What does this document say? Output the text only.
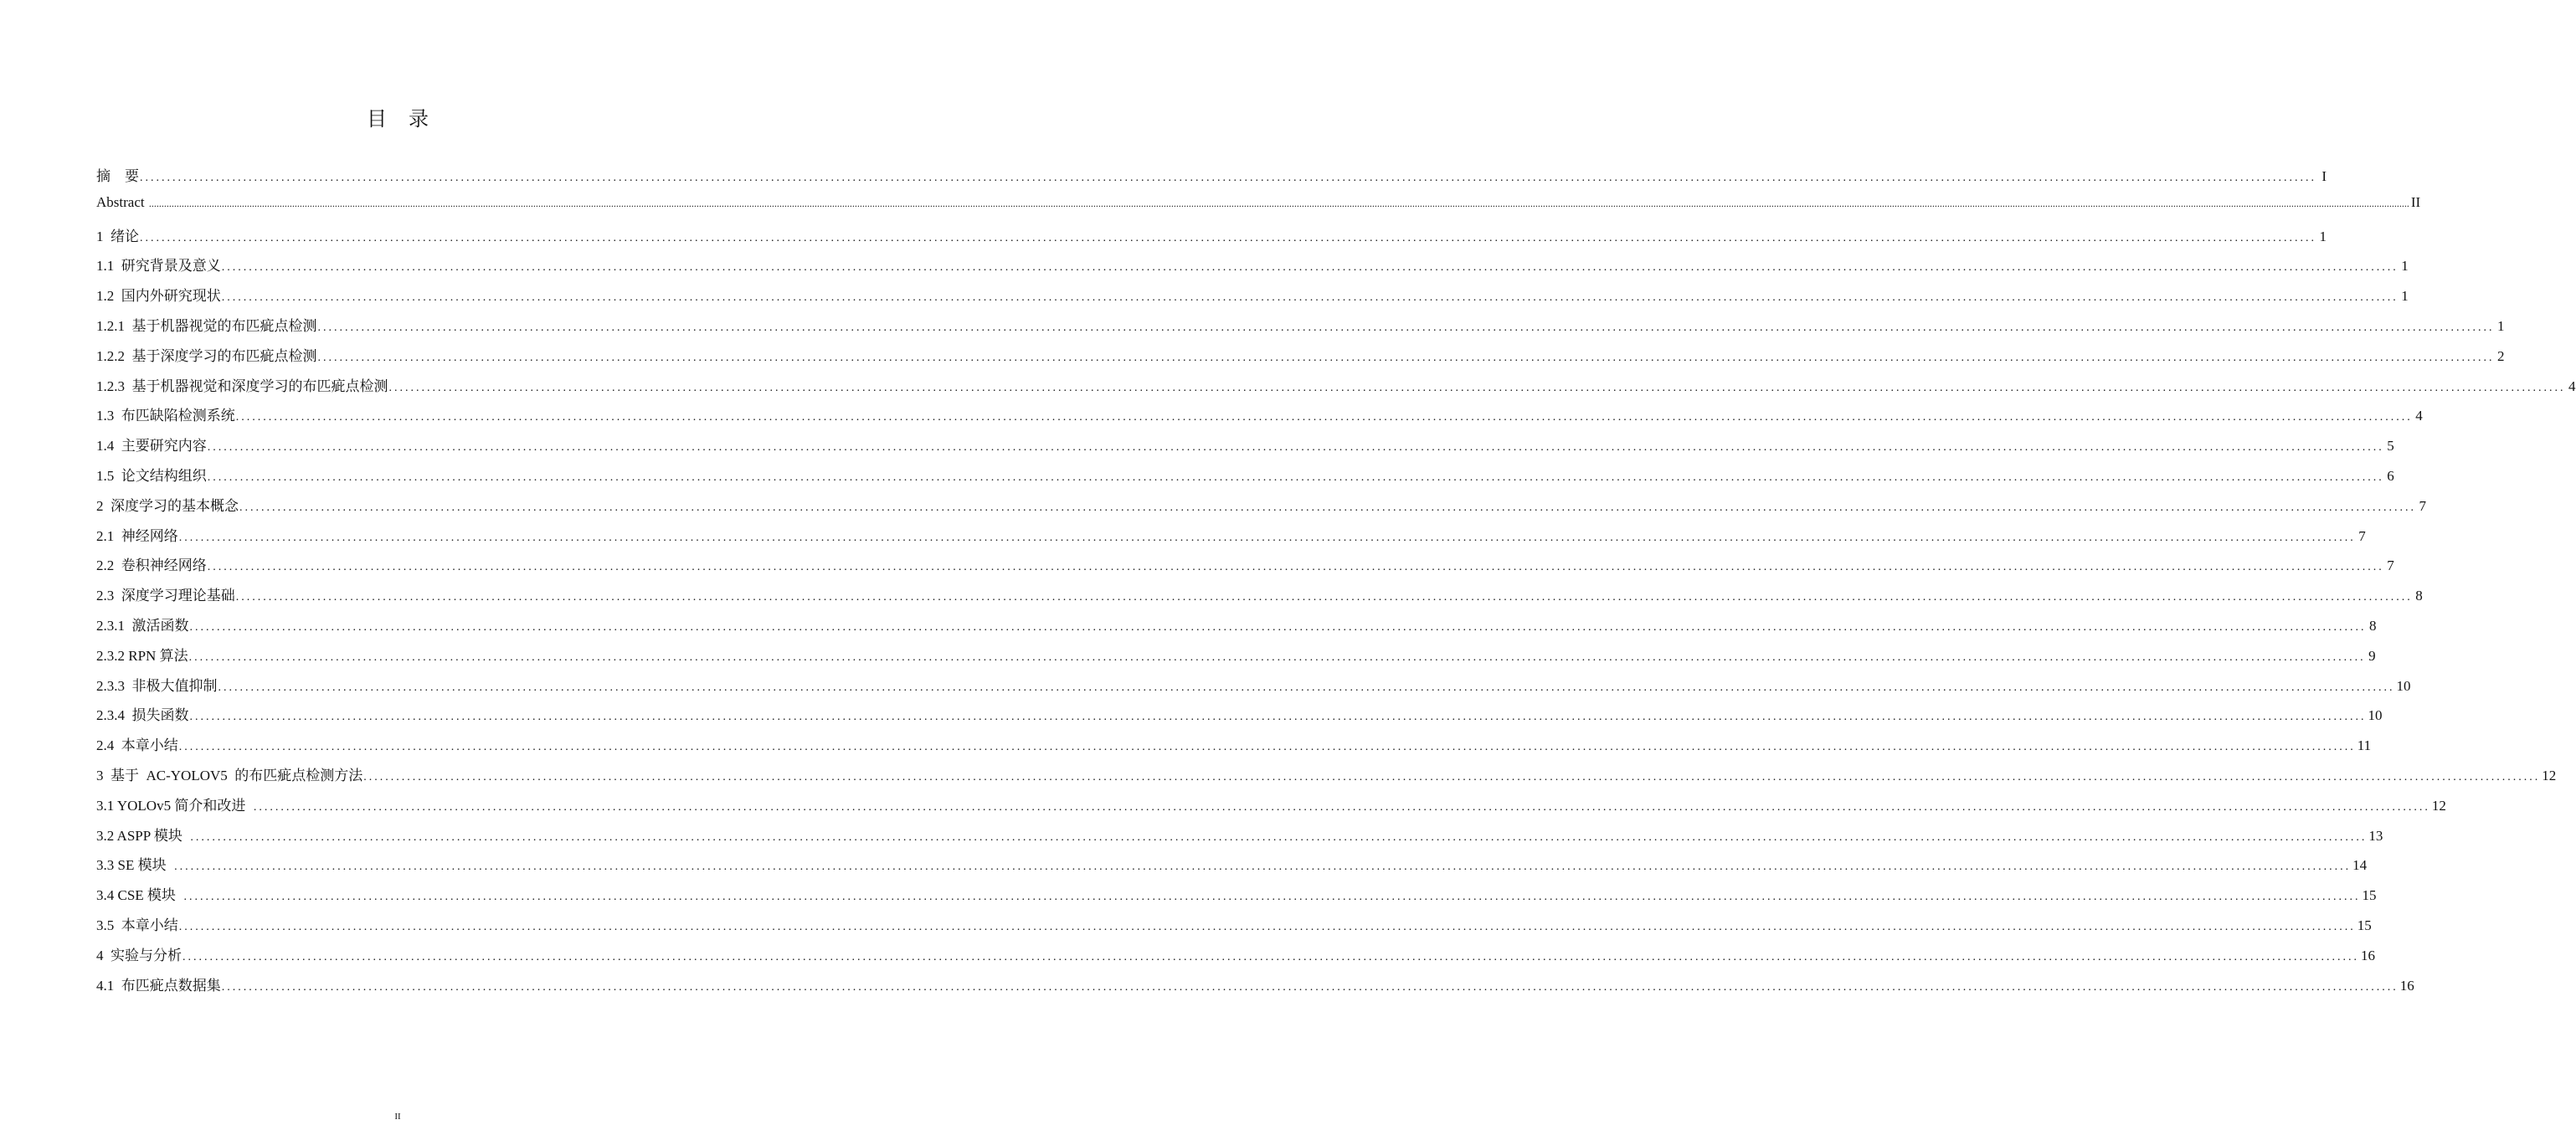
目 录
摘    要 ................................................................................................................................................................................................................................................................................................................................................................................................................ I
Abstract .................................................................................................................................................................................................................................................................................................................................................................................................................................................................................................................................................................................................................................................................................................................................................................................................................................................................................................................................... II
1  绪论 ................................................................................................................................................................................................................................................................................................................................................................................................................ 1
1.1  研究背景及意义 ................................................................................................................................................................................................................................................................................................................................................................................................................ 1
1.2  国内外研究现状 ................................................................................................................................................................................................................................................................................................................................................................................................................ 1
1.2.1  基于机器视觉的布匹疵点检测 ................................................................................................................................................................................................................................................................................................................................................................................................................ 1
1.2.2  基于深度学习的布匹疵点检测 ................................................................................................................................................................................................................................................................................................................................................................................................................ 2
1.2.3  基于机器视觉和深度学习的布匹疵点检测 ................................................................................................................................................................................................................................................................................................................................................................................................................ 4
1.3  布匹缺陷检测系统 ................................................................................................................................................................................................................................................................................................................................................................................................................ 4
1.4  主要研究内容 ................................................................................................................................................................................................................................................................................................................................................................................................................ 5
1.5  论文结构组织 ................................................................................................................................................................................................................................................................................................................................................................................................................ 6
2  深度学习的基本概念 ................................................................................................................................................................................................................................................................................................................................................................................................................ 7
2.1  神经网络 ................................................................................................................................................................................................................................................................................................................................................................................................................ 7
2.2  卷积神经网络 ................................................................................................................................................................................................................................................................................................................................................................................................................ 7
2.3  深度学习理论基础 ................................................................................................................................................................................................................................................................................................................................................................................................................ 8
2.3.1  激活函数 ................................................................................................................................................................................................................................................................................................................................................................................................................ 8
2.3.2 RPN 算法 ................................................................................................................................................................................................................................................................................................................................................................................................................ 9
2.3.3  非极大值抑制 ................................................................................................................................................................................................................................................................................................................................................................................................................ 10
2.3.4  损失函数 ................................................................................................................................................................................................................................................................................................................................................................................................................ 10
2.4  本章小结 ................................................................................................................................................................................................................................................................................................................................................................................................................ 11
3  基于  AC-YOLOV5  的布匹疵点检测方法 ................................................................................................................................................................................................................................................................................................................................................................................................................ 12
3.1 YOLOv5 简介和改进 ................................................................................................................................................................................................................................................................................................................................................................................................................ 12
3.2 ASPP 模块 ................................................................................................................................................................................................................................................................................................................................................................................................................ 13
3.3 SE 模块 ................................................................................................................................................................................................................................................................................................................................................................................................................ 14
3.4 CSE 模块 ................................................................................................................................................................................................................................................................................................................................................................................................................ 15
3.5  本章小结 ................................................................................................................................................................................................................................................................................................................................................................................................................ 15
4  实验与分析 ................................................................................................................................................................................................................................................................................................................................................................................................................ 16
4.1  布匹疵点数据集 ................................................................................................................................................................................................................................................................................................................................................................................................................ 16
II
